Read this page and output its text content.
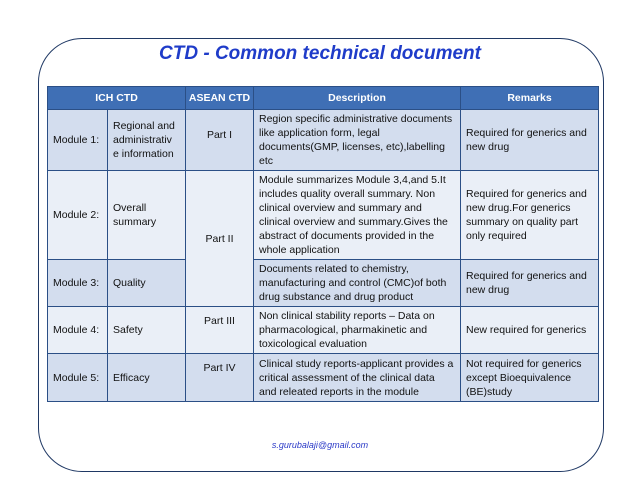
CTD - Common technical document
ICH CTD		ASEAN CTD	Description	Remarks
Module 1:	Regional and administrativ e information	Part I	Region specific administrative documents like application form, legal documents(GMP, licenses, etc),labelling etc	Required for generics and new drug
Module 2:	Overall summary	Part II	Module summarizes Module 3,4,and 5.It includes quality overall summary. Non clinical overview and summary and clinical overview and summary.Gives the abstract of documents provided in the whole application	Required for generics and new drug.For generics summary on quality part only required
Module 3:	Quality		Documents related to chemistry, manufacturing and control (CMC)of both drug substance and drug product	Required for generics and new drug
Module 4:	Safety	Part III	Non clinical stability reports – Data on pharmacological, pharmakinetic and toxicological evaluation	New required for generics
Module 5:	Efficacy	Part IV	Clinical study reports-applicant provides a critical assessment of the clinical data and releated reports in the module	Not required for generics except Bioequivalence (BE)study
s.gurubalaji@gmail.com
